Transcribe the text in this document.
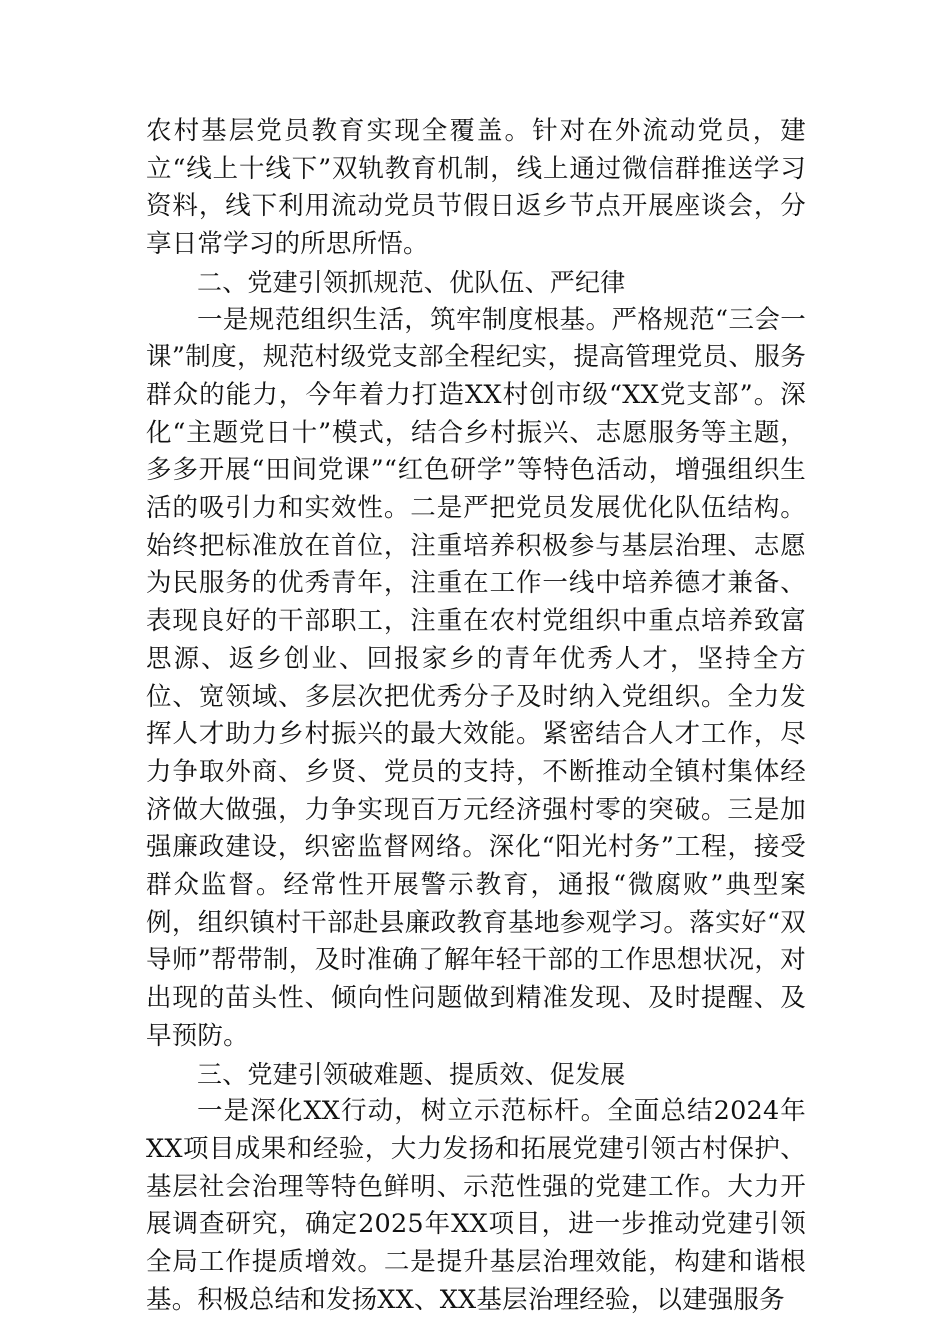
农村基层党员教育实现全覆盖。针对在外流动党员，建立“线上十线下”双轨教育机制，线上通过微信群推送学习资料，线下利用流动党员节假日返乡节点开展座谈会，分享日常学习的所思所悟。

二、党建引领抓规范、优队伍、严纪律

一是规范组织生活，筑牢制度根基。严格规范“三会一课”制度，规范村级党支部全程纪实，提高管理党员、服务群众的能力，今年着力打造XX村创市级“XX党支部”。深化“主题党日十”模式，结合乡村振兴、志愿服务等主题，多多开展“田间党课”“红色研学”等特色活动，增强组织生活的吸引力和实效性。二是严把党员发展优化队伍结构。始终把标准放在首位，注重培养积极参与基层治理、志愿为民服务的优秀青年，注重在工作一线中培养德才兼备、表现良好的干部职工，注重在农村党组织中重点培养致富思源、返乡创业、回报家乡的青年优秀人才，坚持全方位、宽领域、多层次把优秀分子及时纳入党组织。全力发挥人才助力乡村振兴的最大效能。紧密结合人才工作，尽力争取外商、乡贤、党员的支持，不断推动全镇村集体经济做大做强，力争实现百万元经济强村零的突破。三是加强廉政建设，织密监督网络。深化“阳光村务”工程，接受群众监督。经常性开展警示教育，通报“微腐败”典型案例，组织镇村干部赴县廉政教育基地参观学习。落实好“双导师”帮带制，及时准确了解年轻干部的工作思想状况，对出现的苗头性、倾向性问题做到精准发现、及时提醒、及早预防。

三、党建引领破难题、提质效、促发展

一是深化XX行动，树立示范标杆。全面总结2024年XX项目成果和经验，大力发扬和拓展党建引领古村保护、基层社会治理等特色鲜明、示范性强的党建工作。大力开展调查研究，确定2025年XX项目，进一步推动党建引领全局工作提质增效。二是提升基层治理效能，构建和谐根基。积极总结和发扬XX、XX基层治理经验，以建强服务
